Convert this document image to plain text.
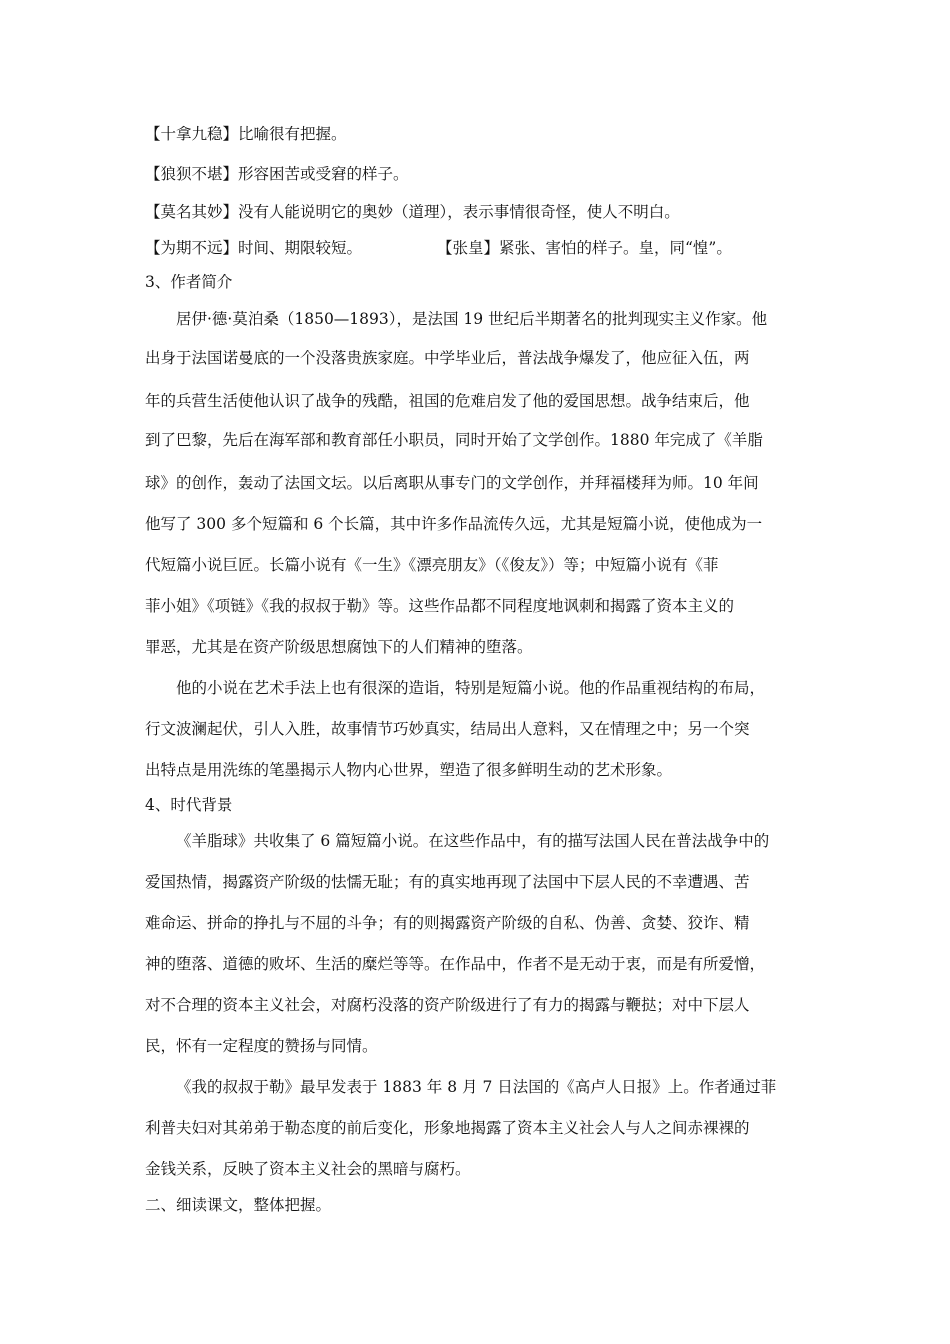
【十拿九稳】比喻很有把握。
【狼狈不堪】形容困苦或受窘的样子。
【莫名其妙】没有人能说明它的奥妙（道理），表示事情很奇怪，使人不明白。
【为期不远】时间、期限较短。	【张皇】紧张、害怕的样子。皇，同“惶”。
3、作者简介
居伊·德·莫泊桑（1850—1893），是法国 19 世纪后半期著名的批判现实主义作家。他
出身于法国诺曼底的一个没落贵族家庭。中学毕业后，普法战争爆发了，他应征入伍，两
年的兵营生活使他认识了战争的残酷，祖国的危难启发了他的爱国思想。战争结束后，他
到了巴黎，先后在海军部和教育部任小职员，同时开始了文学创作。1880 年完成了《羊脂
球》的创作，轰动了法国文坛。以后离职从事专门的文学创作，并拜福楼拜为师。10 年间
他写了 300 多个短篇和 6 个长篇，其中许多作品流传久远，尤其是短篇小说，使他成为一
代短篇小说巨匠。长篇小说有《一生》《漂亮朋友》（《俊友》）等；中短篇小说有《菲
菲小姐》《项链》《我的叔叔于勒》等。这些作品都不同程度地讽刺和揭露了资本主义的
罪恶，尤其是在资产阶级思想腐蚀下的人们精神的堕落。
他的小说在艺术手法上也有很深的造诣，特别是短篇小说。他的作品重视结构的布局，
行文波澜起伏，引人入胜，故事情节巧妙真实，结局出人意料，又在情理之中；另一个突
出特点是用洗练的笔墨揭示人物内心世界，塑造了很多鲜明生动的艺术形象。
4、时代背景
《羊脂球》共收集了 6 篇短篇小说。在这些作品中，有的描写法国人民在普法战争中的
爱国热情，揭露资产阶级的怯懦无耻；有的真实地再现了法国中下层人民的不幸遭遇、苦
难命运、拼命的挣扎与不屈的斗争；有的则揭露资产阶级的自私、伪善、贪婪、狡诈、精
神的堕落、道德的败坏、生活的糜烂等等。在作品中，作者不是无动于衷，而是有所爱憎，
对不合理的资本主义社会，对腐朽没落的资产阶级进行了有力的揭露与鞭挞；对中下层人
民，怀有一定程度的赞扬与同情。
《我的叔叔于勒》最早发表于 1883 年 8 月 7 日法国的《高卢人日报》上。作者通过菲
利普夫妇对其弟弟于勒态度的前后变化，形象地揭露了资本主义社会人与人之间赤裸裸的
金钱关系，反映了资本主义社会的黑暗与腐朽。
二、细读课文，整体把握。
